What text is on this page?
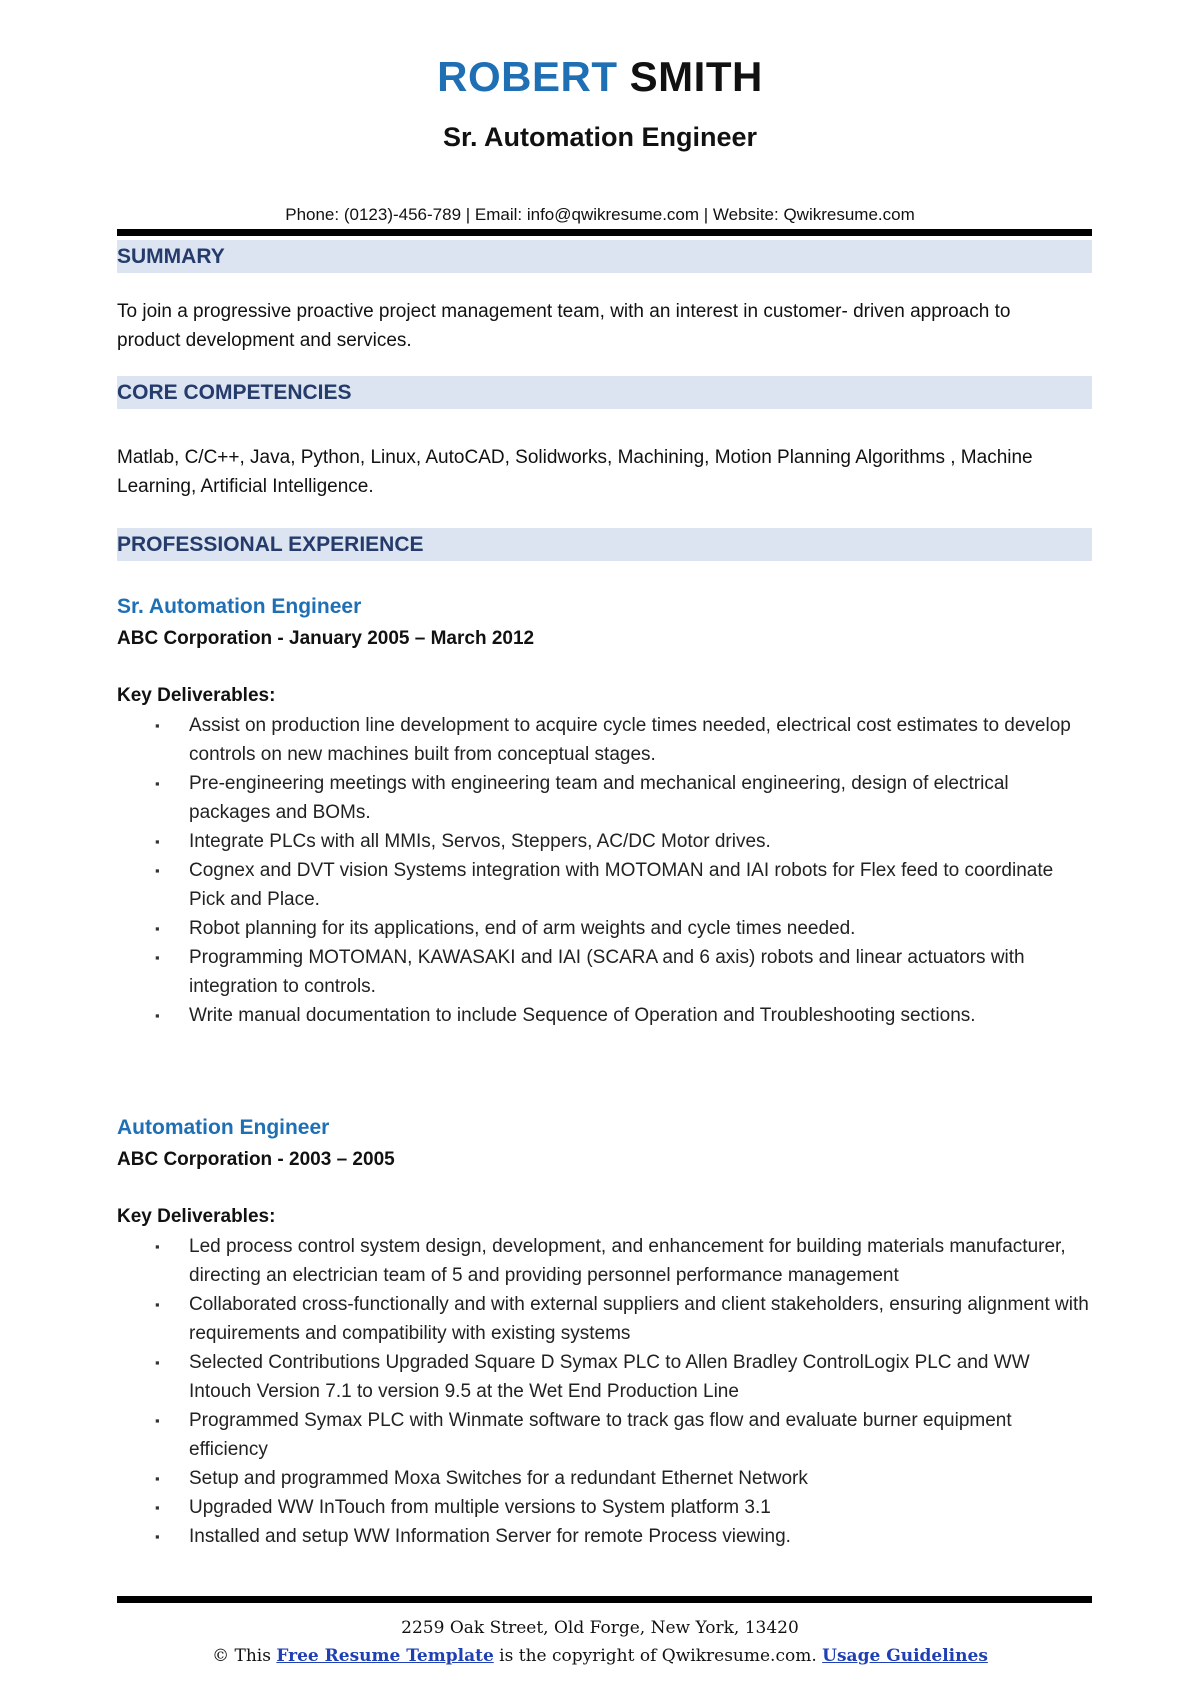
ROBERT SMITH
Sr. Automation Engineer
Phone: (0123)-456-789 | Email: info@qwikresume.com | Website: Qwikresume.com
SUMMARY
To join a progressive proactive project management team, with an interest in customer- driven approach to product development and services.
CORE COMPETENCIES
Matlab, C/C++, Java, Python, Linux, AutoCAD, Solidworks, Machining, Motion Planning Algorithms , Machine Learning, Artificial Intelligence.
PROFESSIONAL EXPERIENCE
Sr. Automation Engineer
ABC Corporation - January 2005 – March 2012
Key Deliverables:
▪ Assist on production line development to acquire cycle times needed, electrical cost estimates to develop controls on new machines built from conceptual stages.
▪ Pre-engineering meetings with engineering team and mechanical engineering, design of electrical packages and BOMs.
▪ Integrate PLCs with all MMIs, Servos, Steppers, AC/DC Motor drives.
▪ Cognex and DVT vision Systems integration with MOTOMAN and IAI robots for Flex feed to coordinate Pick and Place.
▪ Robot planning for its applications, end of arm weights and cycle times needed.
▪ Programming MOTOMAN, KAWASAKI and IAI (SCARA and 6 axis) robots and linear actuators with integration to controls.
▪ Write manual documentation to include Sequence of Operation and Troubleshooting sections.
Automation Engineer
ABC Corporation - 2003 – 2005
Key Deliverables:
▪ Led process control system design, development, and enhancement for building materials manufacturer, directing an electrician team of 5 and providing personnel performance management
▪ Collaborated cross-functionally and with external suppliers and client stakeholders, ensuring alignment with requirements and compatibility with existing systems
▪ Selected Contributions Upgraded Square D Symax PLC to Allen Bradley ControlLogix PLC and WW Intouch Version 7.1 to version 9.5 at the Wet End Production Line
▪ Programmed Symax PLC with Winmate software to track gas flow and evaluate burner equipment efficiency
▪ Setup and programmed Moxa Switches for a redundant Ethernet Network
▪ Upgraded WW InTouch from multiple versions to System platform 3.1
▪ Installed and setup WW Information Server for remote Process viewing.
2259 Oak Street, Old Forge, New York, 13420
© This Free Resume Template is the copyright of Qwikresume.com. Usage Guidelines
